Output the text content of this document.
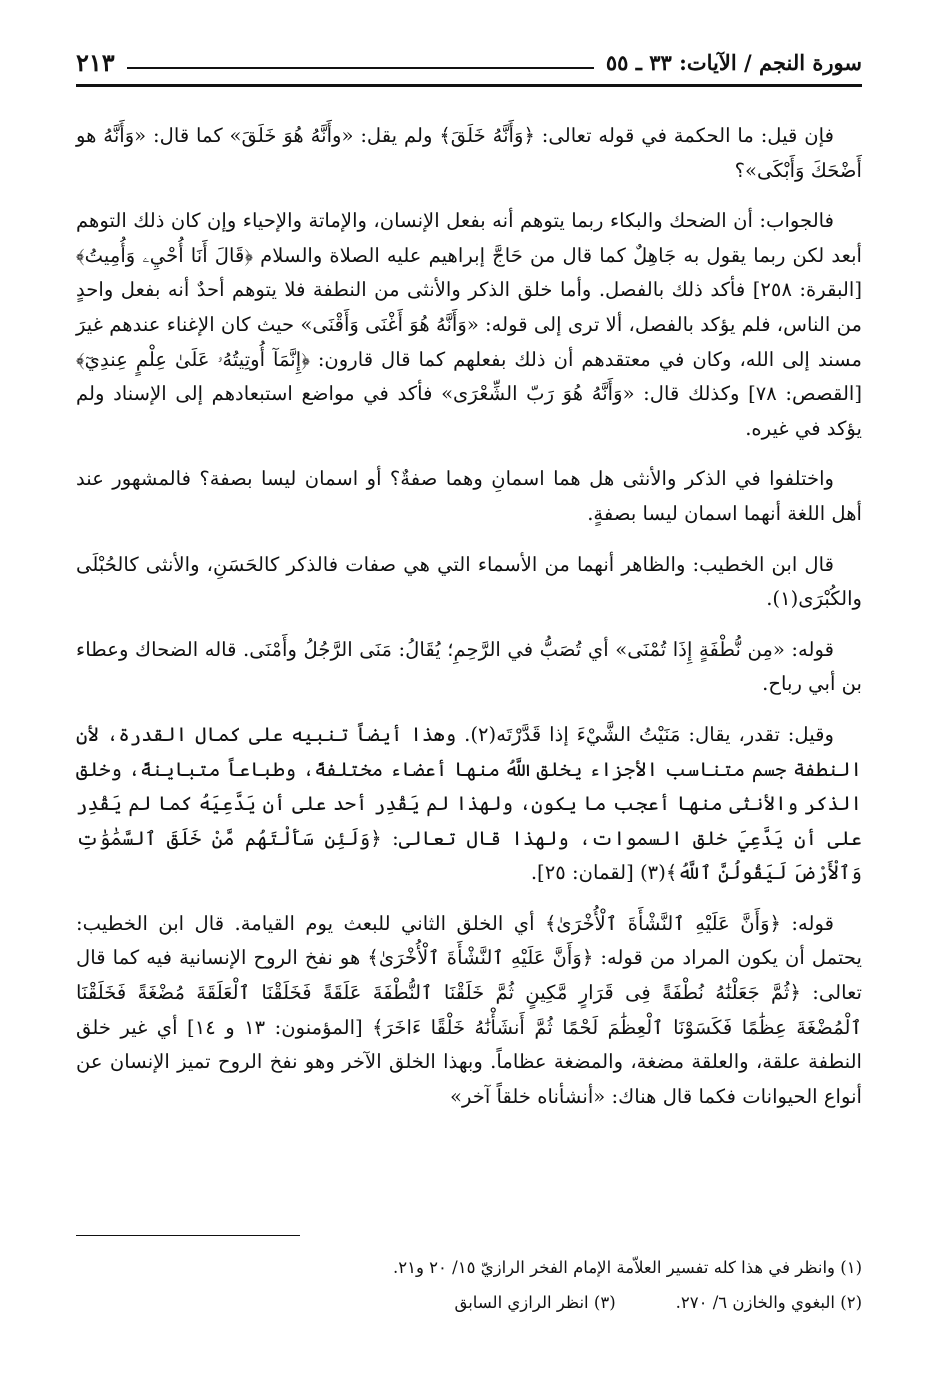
سورة النجم / الآيات: ٣٣ ـ ٥٥
٢١٣

فإن قيل: ما الحكمة في قوله تعالى: ﴿وَأَنَّهُ خَلَقَ﴾ ولم يقل: «وأَنَّهُ هُوَ خَلَقَ» كما قال: «وَأَنَّهُ هو أَضْحَكَ وَأَبْكَى»؟

فالجواب: أن الضحك والبكاء ربما يتوهم أنه بفعل الإنسان، والإماتة والإحياء وإن كان ذلك التوهم أبعد لكن ربما يقول به جَاهِلٌ كما قال من حَاجَّ إبراهيم عليه الصلاة والسلام ﴿قَالَ أَنَا أُحْيِۦ وَأُمِيتُ﴾ [البقرة: ٢٥٨] فأكد ذلك بالفصل. وأما خلق الذكر والأنثى من النطفة فلا يتوهم أحدٌ أنه بفعل واحدٍ من الناس، فلم يؤكد بالفصل، ألا ترى إلى قوله: «وَأَنَّهُ هُوَ أَغْنَى وَأَقْنَى» حيث كان الإغناء عندهم غيرَ مسند إلى الله، وكان في معتقدهم أن ذلك بفعلهم كما قال قارون: ﴿إِنَّمَآ أُوتِيتُهُۥ عَلَىٰ عِلْمٍ عِندِيٓ﴾ [القصص: ٧٨] وكذلك قال: «وَأَنَّهُ هُوَ رَبّ الشِّعْرَى» فأكد في مواضع استبعادهم إلى الإسناد ولم يؤكد في غيره.

واختلفوا في الذكر والأنثى هل هما اسمانِ وهما صفةٌ؟ أو اسمان ليسا بصفة؟ فالمشهور عند أهل اللغة أنهما اسمان ليسا بصفةٍ.

قال ابن الخطيب: والظاهر أنهما من الأسماء التي هي صفات فالذكر كالحَسَنِ، والأنثى كالحُبْلَى والكُبْرَى(١).

قوله: «مِن نُّطْفَةٍ إِذَا تُمْنَى» أي تُصَبُّ في الرَّحِمِ؛ يُقَالُ: مَنَى الرَّجُلُ وأَمْنَى. قاله الضحاك وعطاء بن أبي رباح.

وقيل: تقدر، يقال: مَنَيْتُ الشَّيْءَ إذا قَدَّرْتَه(٢). وهذا أيضاً تنبيه على كمال القدرة، لأن النطفة جسم متناسب الأجزاء يخلق اللَّهُ منها أعضاء مختلفةً، وطباعاً متباينةً، وخلق الذكر والأنثى منها أعجب ما يكون، ولهذا لم يَقْدِر أحد على أن يَدَّعِيَهُ كما لم يَقْدِر على أن يَدَّعِيَ خلق السموات، ولهذا قال تعالى: ﴿وَلَئِن سَأَلْتَهُم مَّنْ خَلَقَ ٱلسَّمَٰوَٰتِ وَٱلْأَرْضَ لَيَقُولُنَّ ٱللَّهُ﴾(٣) [لقمان: ٢٥].

قوله: ﴿وَأَنَّ عَلَيْهِ ٱلنَّشْأَةَ ٱلْأُخْرَىٰ﴾ أي الخلق الثاني للبعث يوم القيامة. قال ابن الخطيب: يحتمل أن يكون المراد من قوله: ﴿وَأَنَّ عَلَيْهِ ٱلنَّشْأَةَ ٱلْأُخْرَىٰ﴾ هو نفخ الروح الإنسانية فيه كما قال تعالى: ﴿ثُمَّ جَعَلْنَٰهُ نُطْفَةً فِى قَرَارٍ مَّكِينٍ ثُمَّ خَلَقْنَا ٱلنُّطْفَةَ عَلَقَةً فَخَلَقْنَا ٱلْعَلَقَةَ مُضْغَةً فَخَلَقْنَا ٱلْمُضْغَةَ عِظَٰمًا فَكَسَوْنَا ٱلْعِظَٰمَ لَحْمًا ثُمَّ أَنشَأْنَٰهُ خَلْقًا ءَاخَرَ﴾ [المؤمنون: ١٣ و ١٤] أي غير خلق النطفة علقة، والعلقة مضغة، والمضغة عظاماً. وبهذا الخلق الآخر وهو نفخ الروح تميز الإنسان عن أنواع الحيوانات فكما قال هناك: «أنشأناه خلقاً آخر»

(١) وانظر في هذا كله تفسير العلاّمة الإمام الفخر الرازيّ ١٥/ ٢٠ و٢١.
(٢) البغوي والخازن ٦/ ٢٧٠.
(٣) انظر الرازي السابق
